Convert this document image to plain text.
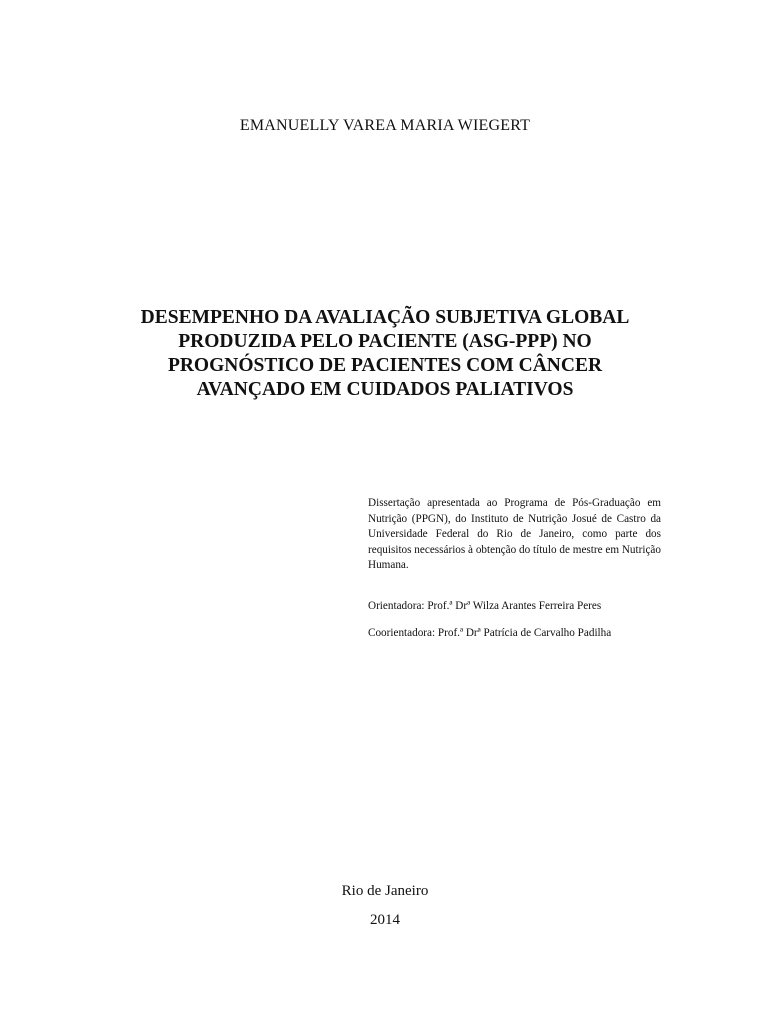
EMANUELLY VAREA MARIA WIEGERT
DESEMPENHO DA AVALIAÇÃO SUBJETIVA GLOBAL
PRODUZIDA PELO PACIENTE (ASG-PPP) NO
PROGNÓSTICO DE PACIENTES COM CÂNCER
AVANÇADO EM CUIDADOS PALIATIVOS
Dissertação apresentada ao Programa de Pós-Graduação em Nutrição (PPGN), do Instituto de Nutrição Josué de Castro da Universidade Federal do Rio de Janeiro, como parte dos requisitos necessários à obtenção do título de mestre em Nutrição Humana.
Orientadora: Prof.ª Drª Wilza Arantes Ferreira Peres
Coorientadora: Prof.ª Drª Patrícia de Carvalho Padilha
Rio de Janeiro
2014
